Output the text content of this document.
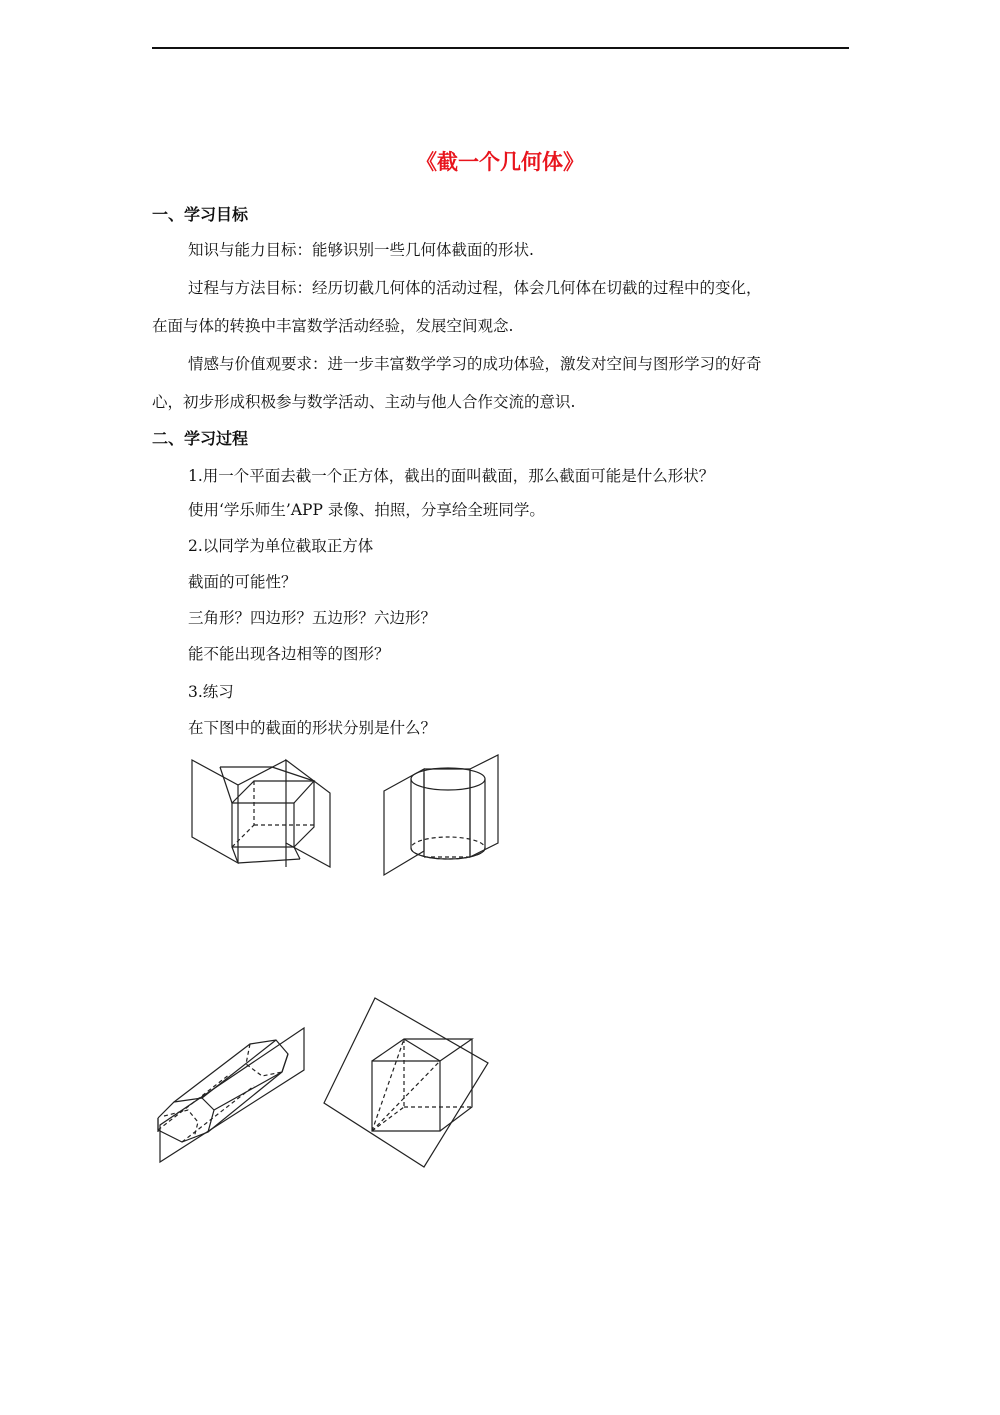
《截一个几何体》
一、学习目标
知识与能力目标：能够识别一些几何体截面的形状.
过程与方法目标：经历切截几何体的活动过程，体会几何体在切截的过程中的变化，
在面与体的转换中丰富数学活动经验，发展空间观念.
情感与价值观要求：进一步丰富数学学习的成功体验，激发对空间与图形学习的好奇
心，初步形成积极参与数学活动、主动与他人合作交流的意识.
二、学习过程
1.用一个平面去截一个正方体，截出的面叫截面，那么截面可能是什么形状？
使用‘学乐师生’APP 录像、拍照，分享给全班同学。
2.以同学为单位截取正方体
截面的可能性？
三角形？四边形？五边形？六边形？
能不能出现各边相等的图形？
3.练习
在下图中的截面的形状分别是什么？
